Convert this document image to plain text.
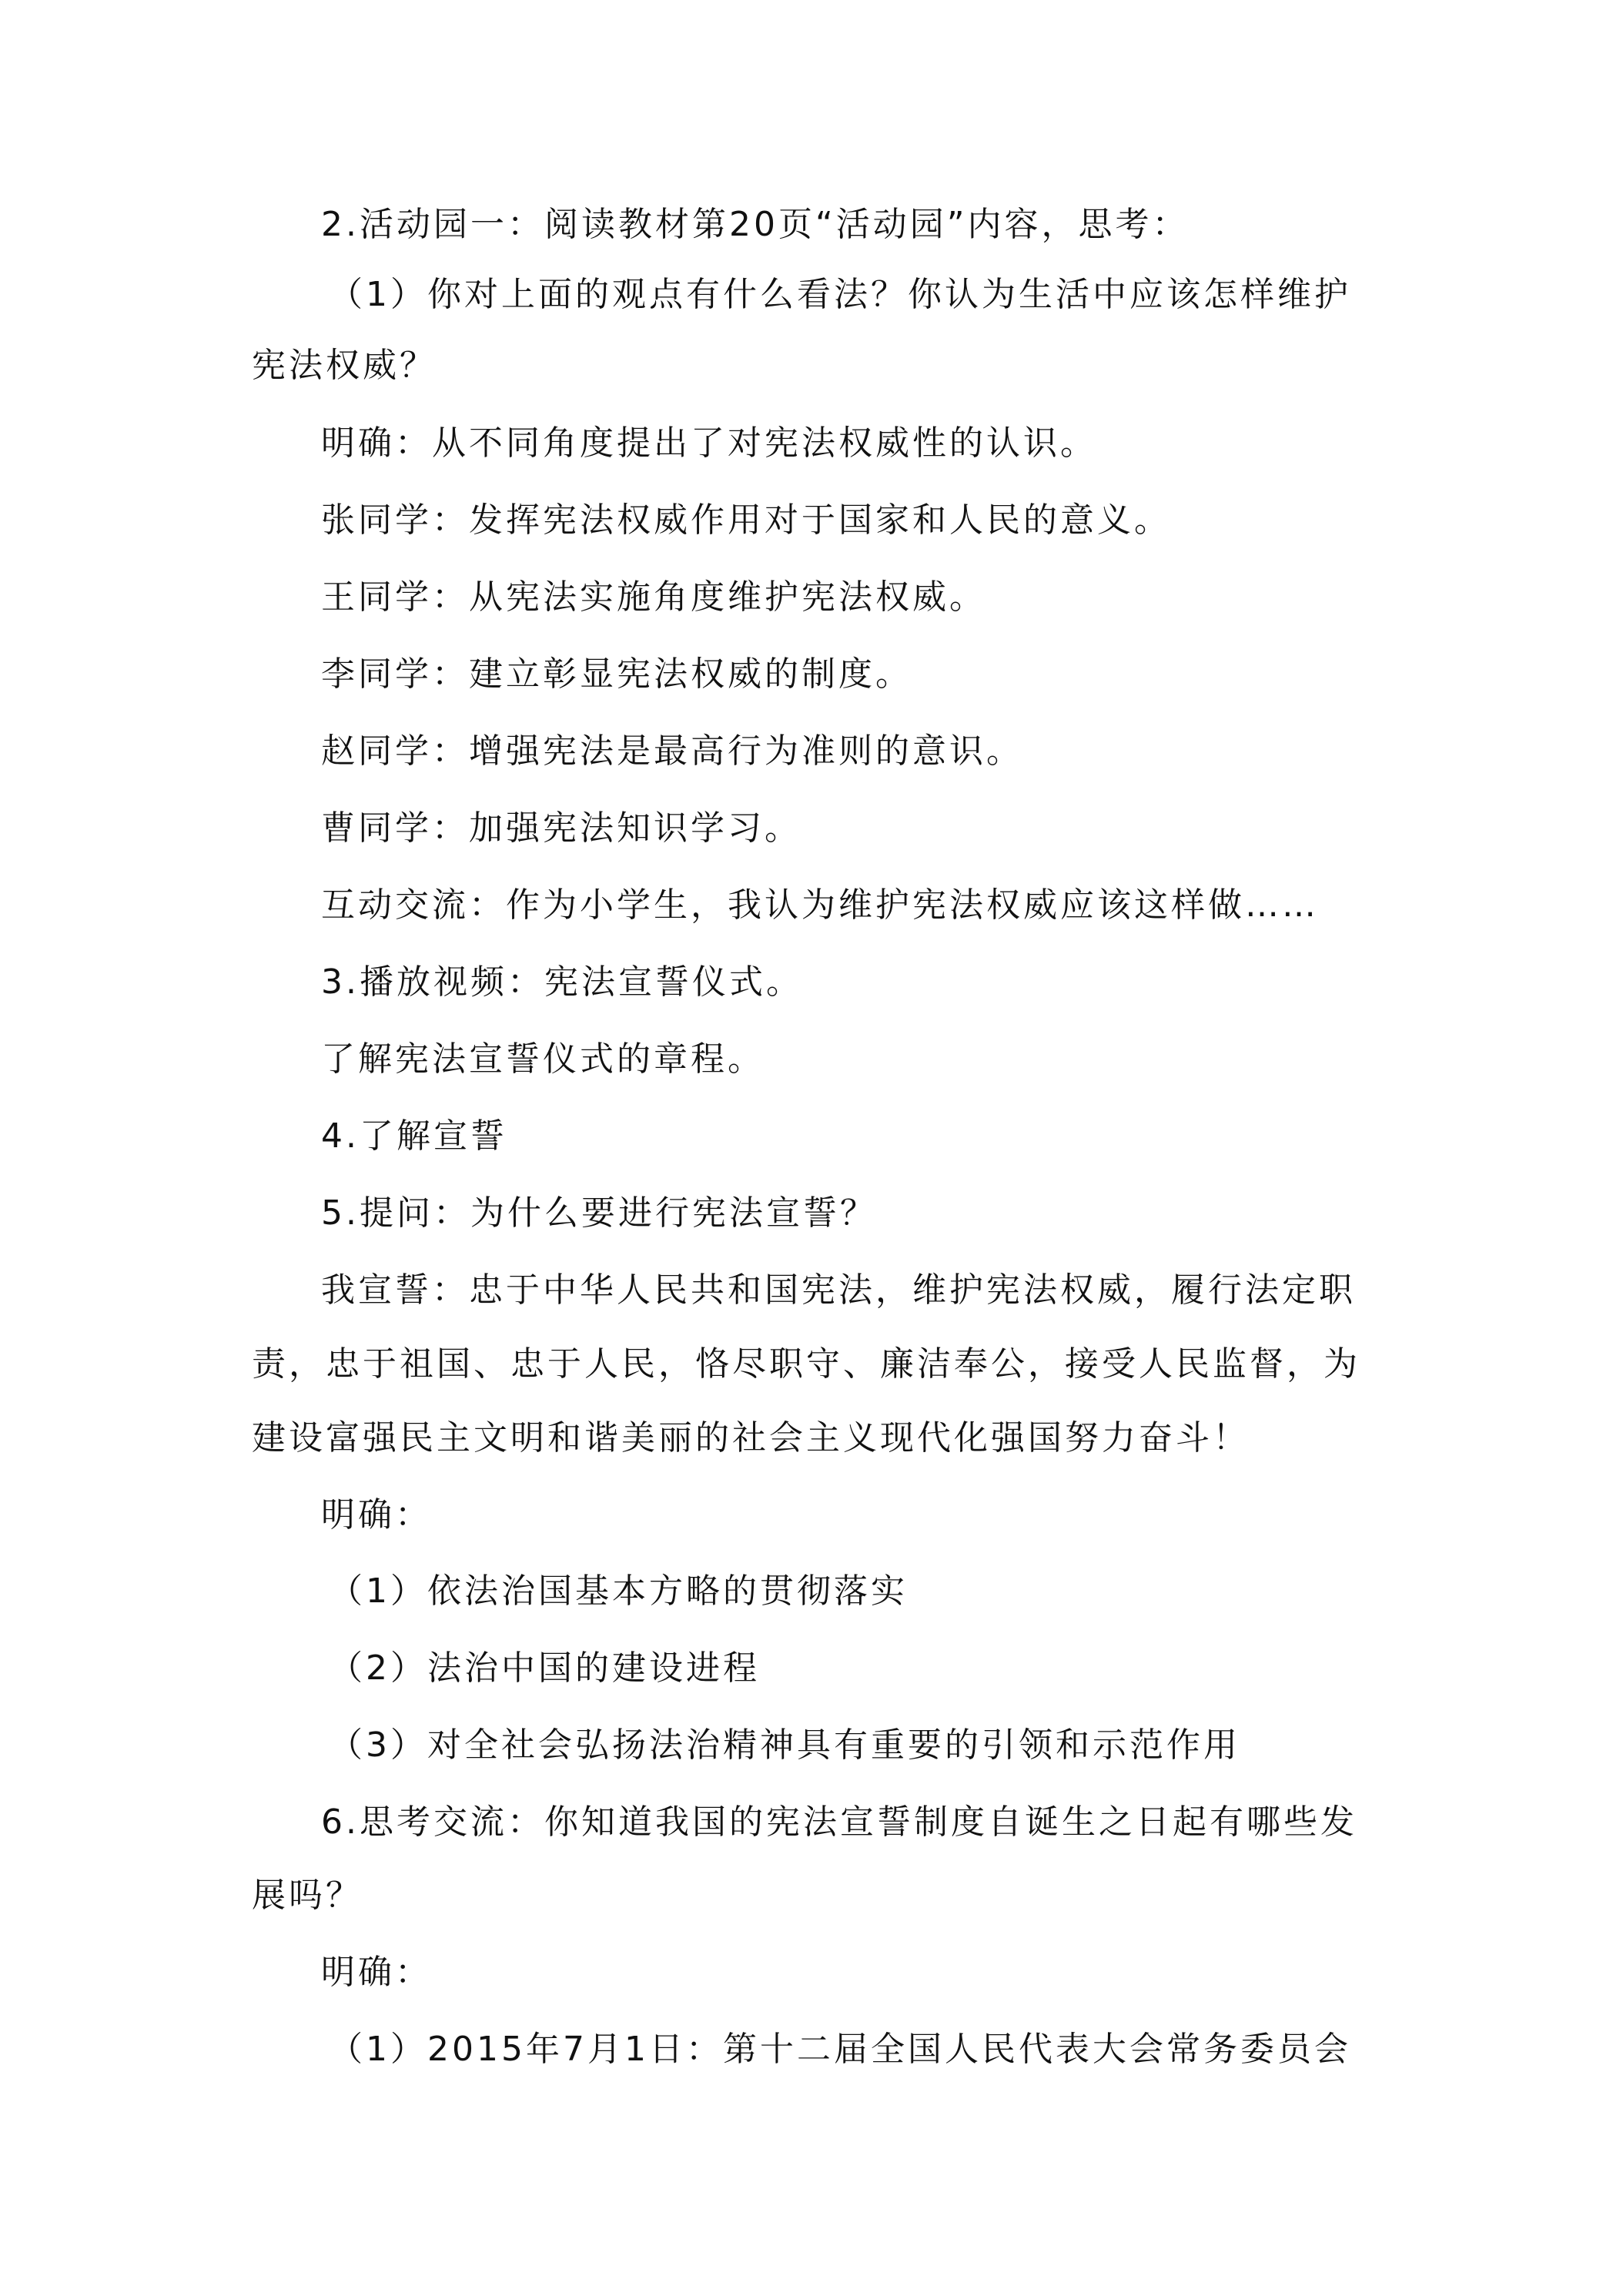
2.活动园一：阅读教材第20页“活动园”内容，思考：
（1）你对上面的观点有什么看法？你认为生活中应该怎样维护
宪法权威？
明确：从不同角度提出了对宪法权威性的认识。
张同学：发挥宪法权威作用对于国家和人民的意义。
王同学：从宪法实施角度维护宪法权威。
李同学：建立彰显宪法权威的制度。
赵同学：增强宪法是最高行为准则的意识。
曹同学：加强宪法知识学习。
互动交流：作为小学生，我认为维护宪法权威应该这样做……
3.播放视频：宪法宣誓仪式。
了解宪法宣誓仪式的章程。
4.了解宣誓
5.提问：为什么要进行宪法宣誓？
我宣誓：忠于中华人民共和国宪法，维护宪法权威，履行法定职
责，忠于祖国、忠于人民，恪尽职守、廉洁奉公，接受人民监督，为
建设富强民主文明和谐美丽的社会主义现代化强国努力奋斗！
明确：
（1）依法治国基本方略的贯彻落实
（2）法治中国的建设进程
（3）对全社会弘扬法治精神具有重要的引领和示范作用
6.思考交流：你知道我国的宪法宣誓制度自诞生之日起有哪些发
展吗？
明确：
（1）2015年7月1日：第十二届全国人民代表大会常务委员会
